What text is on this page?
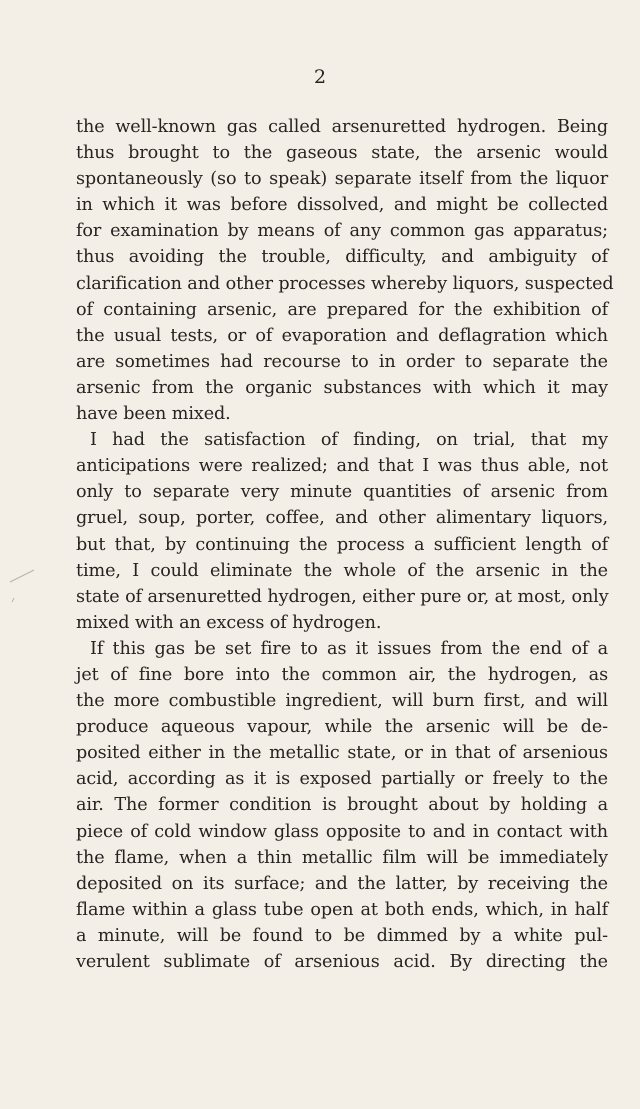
2
the well-known gas called arsenuretted hydrogen. Being
thus brought to the gaseous state, the arsenic would
spontaneously (so to speak) separate itself from the liquor
in which it was before dissolved, and might be collected
for examination by means of any common gas apparatus;
thus avoiding the trouble, difficulty, and ambiguity of
clarification and other processes whereby liquors, suspected
of containing arsenic, are prepared for the exhibition of
the usual tests, or of evaporation and deflagration which
are sometimes had recourse to in order to separate the
arsenic from the organic substances with which it may
have been mixed.
I had the satisfaction of finding, on trial, that my
anticipations were realized; and that I was thus able, not
only to separate very minute quantities of arsenic from
gruel, soup, porter, coffee, and other alimentary liquors,
but that, by continuing the process a sufficient length of
time, I could eliminate the whole of the arsenic in the
state of arsenuretted hydrogen, either pure or, at most, only
mixed with an excess of hydrogen.
If this gas be set fire to as it issues from the end of a
jet of fine bore into the common air, the hydrogen, as
the more combustible ingredient, will burn first, and will
produce aqueous vapour, while the arsenic will be de-
posited either in the metallic state, or in that of arsenious
acid, according as it is exposed partially or freely to the
air. The former condition is brought about by holding a
piece of cold window glass opposite to and in contact with
the flame, when a thin metallic film will be immediately
deposited on its surface; and the latter, by receiving the
flame within a glass tube open at both ends, which, in half
a minute, will be found to be dimmed by a white pul-
verulent sublimate of arsenious acid. By directing the
